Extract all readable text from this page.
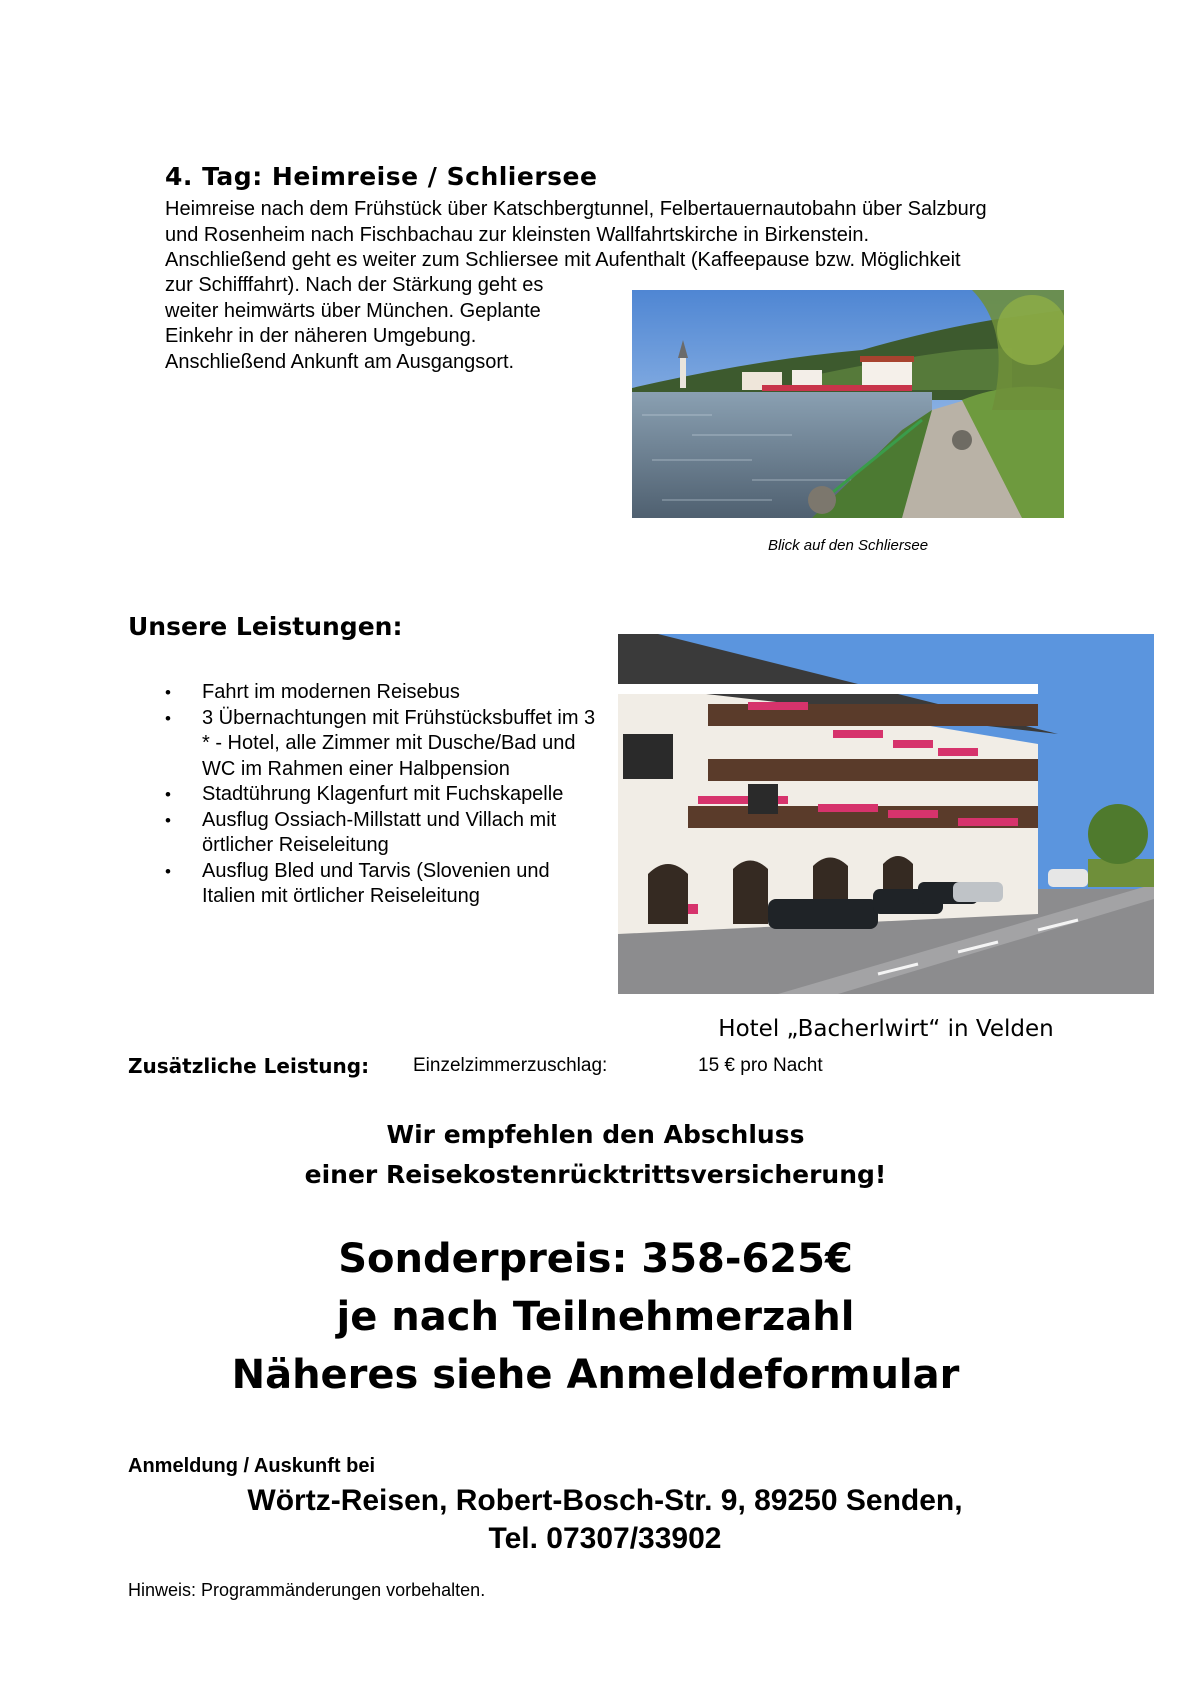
4. Tag: Heimreise / Schliersee
Heimreise nach dem Frühstück über Katschbergtunnel, Felbertauernautobahn über Salzburg
und Rosenheim nach Fischbachau zur kleinsten Wallfahrtskirche in Birkenstein.
Anschließend geht es weiter zum Schliersee mit Aufenthalt (Kaffeepause bzw. Möglichkeit
zur Schifffahrt). Nach der Stärkung geht es
weiter heimwärts über München. Geplante
Einkehr in der näheren Umgebung.
Anschließend Ankunft am Ausgangsort.
Blick auf den Schliersee
Unsere Leistungen:
• Fahrt im modernen Reisebus
• 3 Übernachtungen mit Frühstücksbuffet im 3 * - Hotel, alle Zimmer mit Dusche/Bad und WC im Rahmen einer Halbpension
• Stadtührung Klagenfurt mit Fuchskapelle
• Ausflug Ossiach-Millstatt und Villach mit örtlicher Reiseleitung
• Ausflug Bled und Tarvis (Slovenien und Italien mit örtlicher Reiseleitung
Hotel „Bacherlwirt“ in Velden
Zusätzliche Leistung: Einzelzimmerzuschlag:	15 € pro Nacht
Wir empfehlen den Abschluss
einer Reisekostenrücktrittsversicherung!
Sonderpreis: 358-625€
je nach Teilnehmerzahl
Näheres siehe Anmeldeformular
Anmeldung / Auskunft bei
Wörtz-Reisen, Robert-Bosch-Str. 9, 89250 Senden,
Tel. 07307/33902
Hinweis: Programmänderungen vorbehalten.
